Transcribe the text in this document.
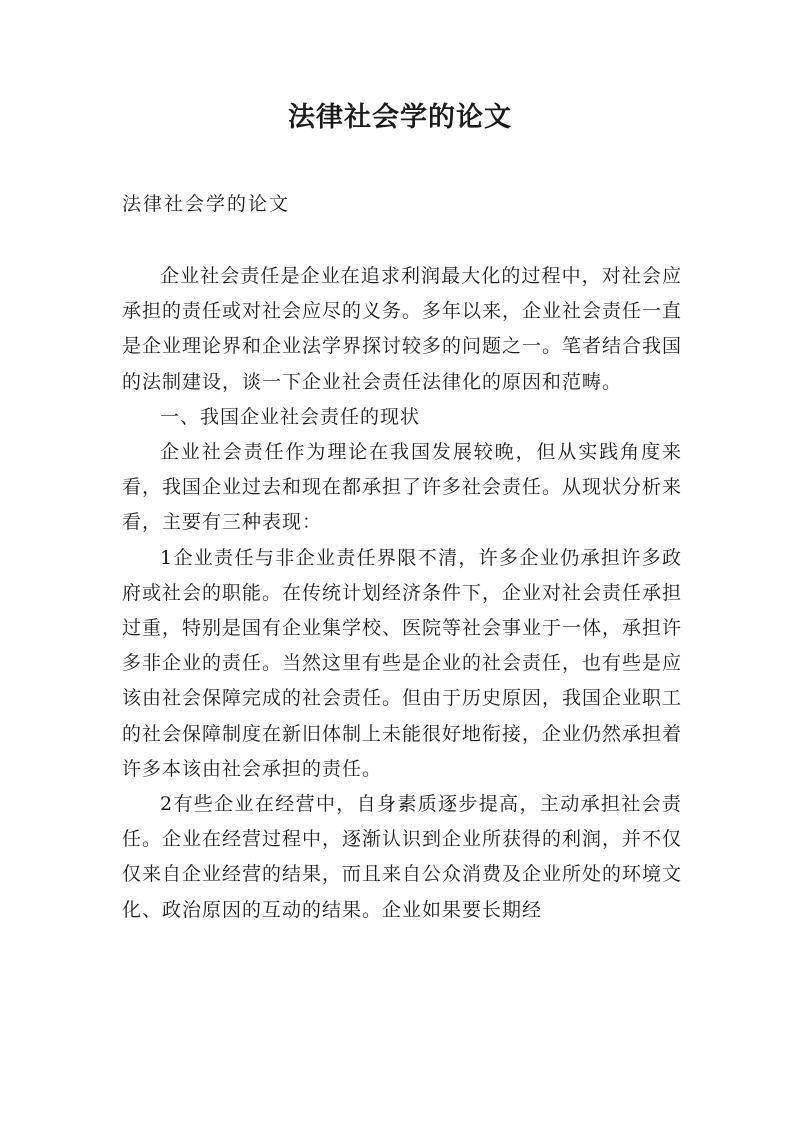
法律社会学的论文

法律社会学的论文

企业社会责任是企业在追求利润最大化的过程中，对社会应承担的责任或对社会应尽的义务。多年以来，企业社会责任一直是企业理论界和企业法学界探讨较多的问题之一。笔者结合我国的法制建设，谈一下企业社会责任法律化的原因和范畴。

一、我国企业社会责任的现状

企业社会责任作为理论在我国发展较晚，但从实践角度来看，我国企业过去和现在都承担了许多社会责任。从现状分析来看，主要有三种表现：

1企业责任与非企业责任界限不清，许多企业仍承担许多政府或社会的职能。在传统计划经济条件下，企业对社会责任承担过重，特别是国有企业集学校、医院等社会事业于一体，承担许多非企业的责任。当然这里有些是企业的社会责任，也有些是应该由社会保障完成的社会责任。但由于历史原因，我国企业职工的社会保障制度在新旧体制上未能很好地衔接，企业仍然承担着许多本该由社会承担的责任。

2有些企业在经营中，自身素质逐步提高，主动承担社会责任。企业在经营过程中，逐渐认识到企业所获得的利润，并不仅仅来自企业经营的结果，而且来自公众消费及企业所处的环境文化、政治原因的互动的结果。企业如果要长期经
